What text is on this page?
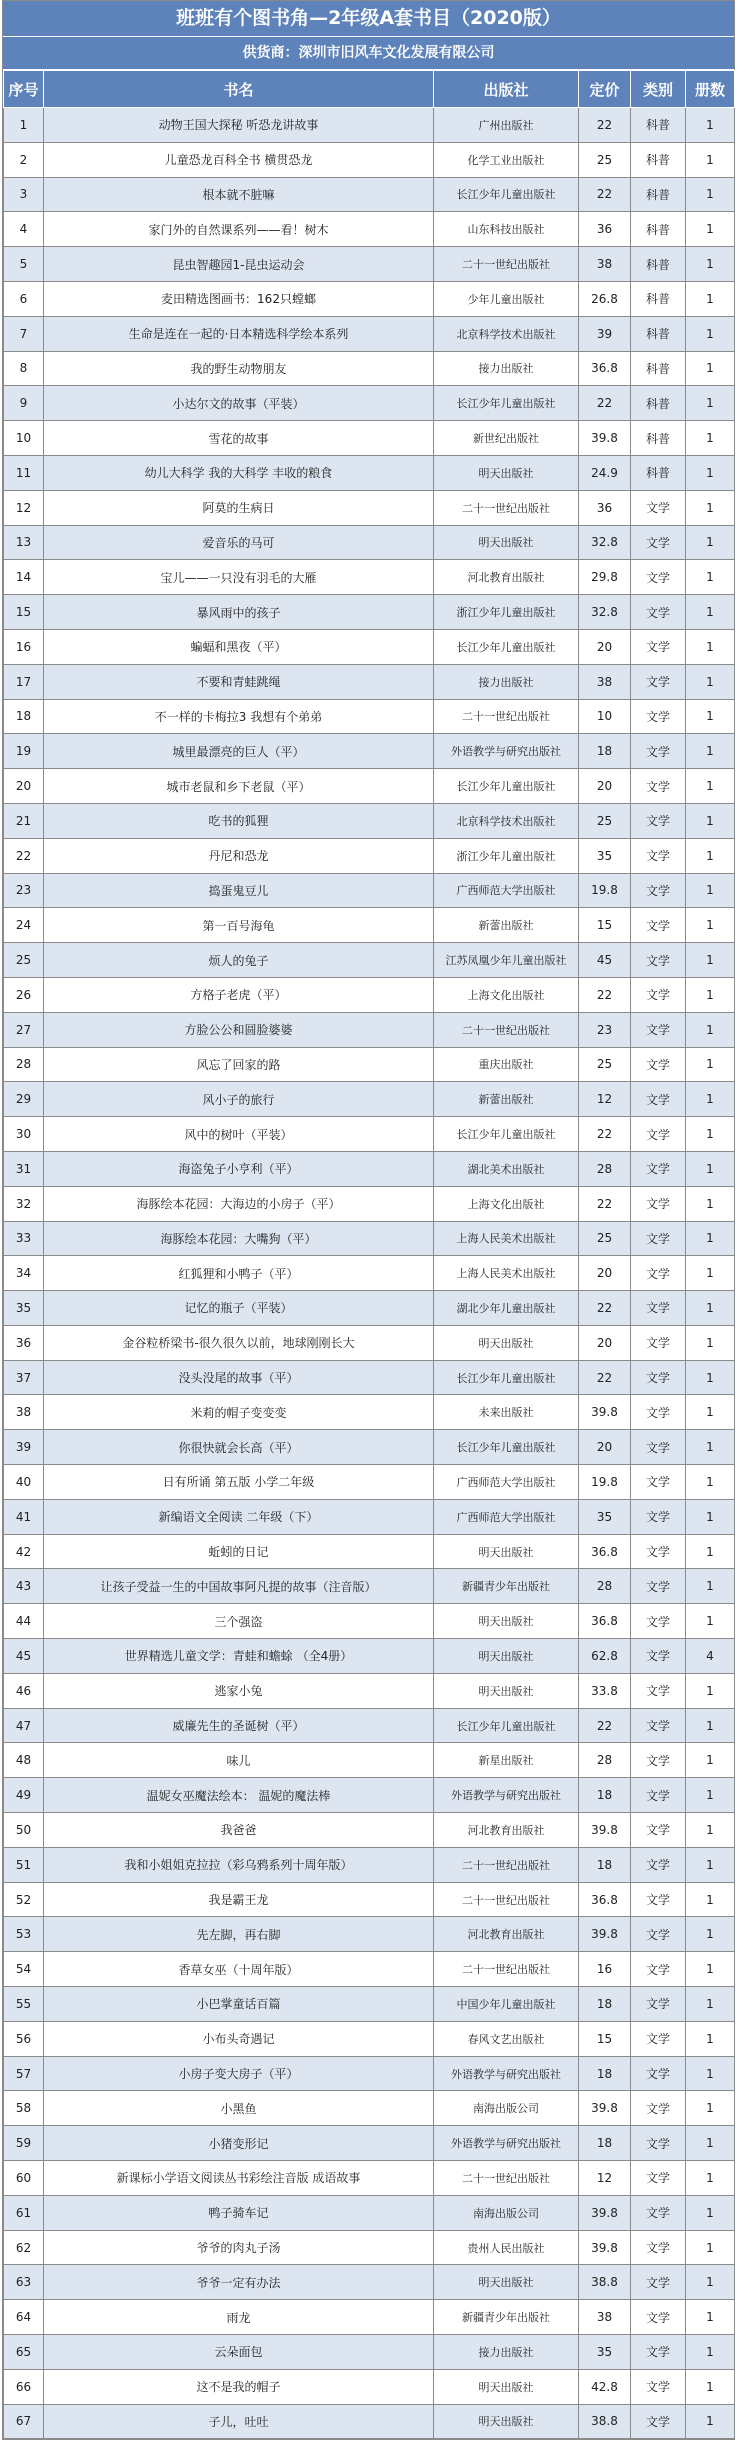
班班有个图书角—2年级A套书目（2020版）
供货商：深圳市旧风车文化发展有限公司
序号	书名	出版社	定价	类别	册数
1	动物王国大探秘 听恐龙讲故事	广州出版社	22	科普	1
2	儿童恐龙百科全书 横贯恐龙	化学工业出版社	25	科普	1
3	根本就不脏嘛	长江少年儿童出版社	22	科普	1
4	家门外的自然课系列——看！树木	山东科技出版社	36	科普	1
5	昆虫智趣园1-昆虫运动会	二十一世纪出版社	38	科普	1
6	麦田精选图画书：162只螳螂	少年儿童出版社	26.8	科普	1
7	生命是连在一起的·日本精选科学绘本系列	北京科学技术出版社	39	科普	1
8	我的野生动物朋友	接力出版社	36.8	科普	1
9	小达尔文的故事（平装）	长江少年儿童出版社	22	科普	1
10	雪花的故事	新世纪出版社	39.8	科普	1
11	幼儿大科学 我的大科学 丰收的粮食	明天出版社	24.9	科普	1
12	阿莫的生病日	二十一世纪出版社	36	文学	1
13	爱音乐的马可	明天出版社	32.8	文学	1
14	宝儿——一只没有羽毛的大雁	河北教育出版社	29.8	文学	1
15	暴风雨中的孩子	浙江少年儿童出版社	32.8	文学	1
16	蝙蝠和黑夜（平）	长江少年儿童出版社	20	文学	1
17	不要和青蛙跳绳	接力出版社	38	文学	1
18	不一样的卡梅拉3 我想有个弟弟	二十一世纪出版社	10	文学	1
19	城里最漂亮的巨人（平）	外语教学与研究出版社	18	文学	1
20	城市老鼠和乡下老鼠（平）	长江少年儿童出版社	20	文学	1
21	吃书的狐狸	北京科学技术出版社	25	文学	1
22	丹尼和恐龙	浙江少年儿童出版社	35	文学	1
23	捣蛋鬼豆儿	广西师范大学出版社	19.8	文学	1
24	第一百号海龟	新蕾出版社	15	文学	1
25	烦人的兔子	江苏凤凰少年儿童出版社	45	文学	1
26	方格子老虎（平）	上海文化出版社	22	文学	1
27	方脸公公和圆脸婆婆	二十一世纪出版社	23	文学	1
28	风忘了回家的路	重庆出版社	25	文学	1
29	风小子的旅行	新蕾出版社	12	文学	1
30	风中的树叶（平装）	长江少年儿童出版社	22	文学	1
31	海盗兔子小亨利（平）	湖北美术出版社	28	文学	1
32	海豚绘本花园：大海边的小房子（平）	上海文化出版社	22	文学	1
33	海豚绘本花园：大嘴狗（平）	上海人民美术出版社	25	文学	1
34	红狐狸和小鸭子（平）	上海人民美术出版社	20	文学	1
35	记忆的瓶子（平装）	湖北少年儿童出版社	22	文学	1
36	金谷粒桥梁书-很久很久以前，地球刚刚长大	明天出版社	20	文学	1
37	没头没尾的故事（平）	长江少年儿童出版社	22	文学	1
38	米莉的帽子变变变	未来出版社	39.8	文学	1
39	你很快就会长高（平）	长江少年儿童出版社	20	文学	1
40	日有所诵 第五版 小学二年级	广西师范大学出版社	19.8	文学	1
41	新编语文全阅读 二年级（下）	广西师范大学出版社	35	文学	1
42	蚯蚓的日记	明天出版社	36.8	文学	1
43	让孩子受益一生的中国故事阿凡提的故事（注音版）	新疆青少年出版社	28	文学	1
44	三个强盗	明天出版社	36.8	文学	1
45	世界精选儿童文学：青蛙和蟾蜍 （全4册）	明天出版社	62.8	文学	4
46	逃家小兔	明天出版社	33.8	文学	1
47	威廉先生的圣诞树（平）	长江少年儿童出版社	22	文学	1
48	味儿	新星出版社	28	文学	1
49	温妮女巫魔法绘本： 温妮的魔法棒	外语教学与研究出版社	18	文学	1
50	我爸爸	河北教育出版社	39.8	文学	1
51	我和小姐姐克拉拉（彩乌鸦系列十周年版）	二十一世纪出版社	18	文学	1
52	我是霸王龙	二十一世纪出版社	36.8	文学	1
53	先左脚，再右脚	河北教育出版社	39.8	文学	1
54	香草女巫（十周年版）	二十一世纪出版社	16	文学	1
55	小巴掌童话百篇	中国少年儿童出版社	18	文学	1
56	小布头奇遇记	春风文艺出版社	15	文学	1
57	小房子变大房子（平）	外语教学与研究出版社	18	文学	1
58	小黑鱼	南海出版公司	39.8	文学	1
59	小猪变形记	外语教学与研究出版社	18	文学	1
60	新课标小学语文阅读丛书彩绘注音版 成语故事	二十一世纪出版社	12	文学	1
61	鸭子骑车记	南海出版公司	39.8	文学	1
62	爷爷的肉丸子汤	贵州人民出版社	39.8	文学	1
63	爷爷一定有办法	明天出版社	38.8	文学	1
64	雨龙	新疆青少年出版社	38	文学	1
65	云朵面包	接力出版社	35	文学	1
66	这不是我的帽子	明天出版社	42.8	文学	1
67	子儿，吐吐	明天出版社	38.8	文学	1
